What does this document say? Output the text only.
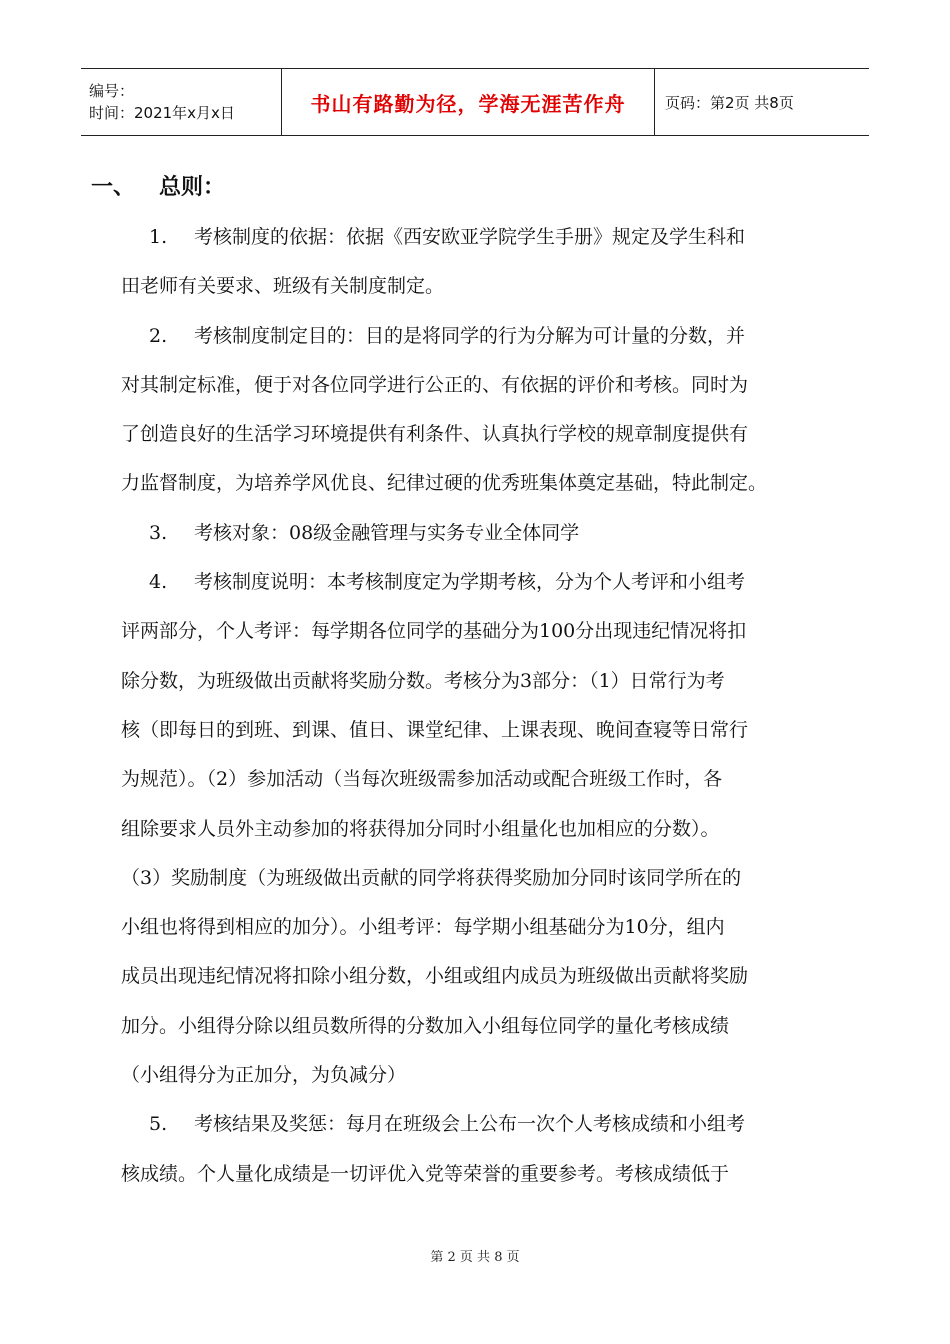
编号：
时间：2021年x月x日	书山有路勤为径，学海无涯苦作舟	页码：第2页 共8页
一、	总则：
1. 考核制度的依据：依据《西安欧亚学院学生手册》规定及学生科和
田老师有关要求、班级有关制度制定。
2. 考核制度制定目的：目的是将同学的行为分解为可计量的分数，并
对其制定标准，便于对各位同学进行公正的、有依据的评价和考核。同时为
了创造良好的生活学习环境提供有利条件、认真执行学校的规章制度提供有
力监督制度，为培养学风优良、纪律过硬的优秀班集体奠定基础，特此制定。
3. 考核对象：08级金融管理与实务专业全体同学
4. 考核制度说明：本考核制度定为学期考核，分为个人考评和小组考
评两部分，个人考评：每学期各位同学的基础分为100分出现违纪情况将扣
除分数，为班级做出贡献将奖励分数。考核分为3部分：（1）日常行为考
核（即每日的到班、到课、值日、课堂纪律、上课表现、晚间查寝等日常行
为规范）。（2）参加活动（当每次班级需参加活动或配合班级工作时，各
组除要求人员外主动参加的将获得加分同时小组量化也加相应的分数）。
（3）奖励制度（为班级做出贡献的同学将获得奖励加分同时该同学所在的
小组也将得到相应的加分）。小组考评：每学期小组基础分为10分，组内
成员出现违纪情况将扣除小组分数，小组或组内成员为班级做出贡献将奖励
加分。小组得分除以组员数所得的分数加入小组每位同学的量化考核成绩
（小组得分为正加分，为负减分）
5. 考核结果及奖惩：每月在班级会上公布一次个人考核成绩和小组考
核成绩。个人量化成绩是一切评优入党等荣誉的重要参考。考核成绩低于
第 2 页 共 8 页
